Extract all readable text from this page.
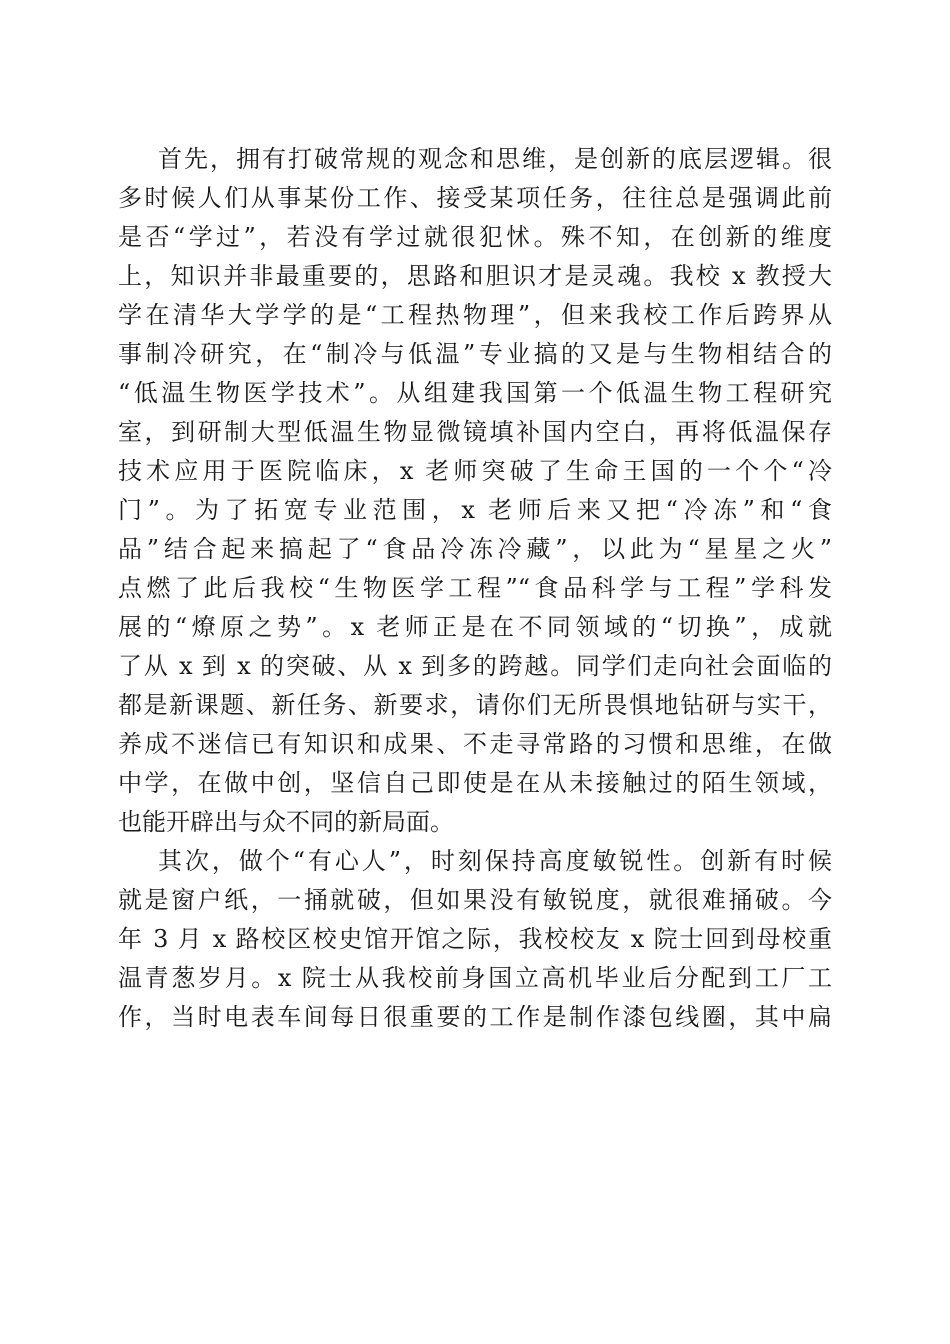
首先，拥有打破常规的观念和思维，是创新的底层逻辑。很
多时候人们从事某份工作、接受某项任务，往往总是强调此前
是否“学过”，若没有学过就很犯怵。殊不知，在创新的维度
上，知识并非最重要的，思路和胆识才是灵魂。我校 x 教授大
学在清华大学学的是“工程热物理”，但来我校工作后跨界从
事制冷研究，在“制冷与低温”专业搞的又是与生物相结合的
“低温生物医学技术”。从组建我国第一个低温生物工程研究
室，到研制大型低温生物显微镜填补国内空白，再将低温保存
技术应用于医院临床，x 老师突破了生命王国的一个个“冷
门”。为了拓宽专业范围，x 老师后来又把“冷冻”和“食
品”结合起来搞起了“食品冷冻冷藏”，以此为“星星之火”
点燃了此后我校“生物医学工程”“食品科学与工程”学科发
展的“燎原之势”。x 老师正是在不同领域的“切换”，成就
了从 x 到 x 的突破、从 x 到多的跨越。同学们走向社会面临的
都是新课题、新任务、新要求，请你们无所畏惧地钻研与实干，
养成不迷信已有知识和成果、不走寻常路的习惯和思维，在做
中学，在做中创，坚信自己即使是在从未接触过的陌生领域，
也能开辟出与众不同的新局面。
其次，做个“有心人”，时刻保持高度敏锐性。创新有时候
就是窗户纸，一捅就破，但如果没有敏锐度，就很难捅破。今
年 3 月 x 路校区校史馆开馆之际，我校校友 x 院士回到母校重
温青葱岁月。x 院士从我校前身国立高机毕业后分配到工厂工
作，当时电表车间每日很重要的工作是制作漆包线圈，其中扁
